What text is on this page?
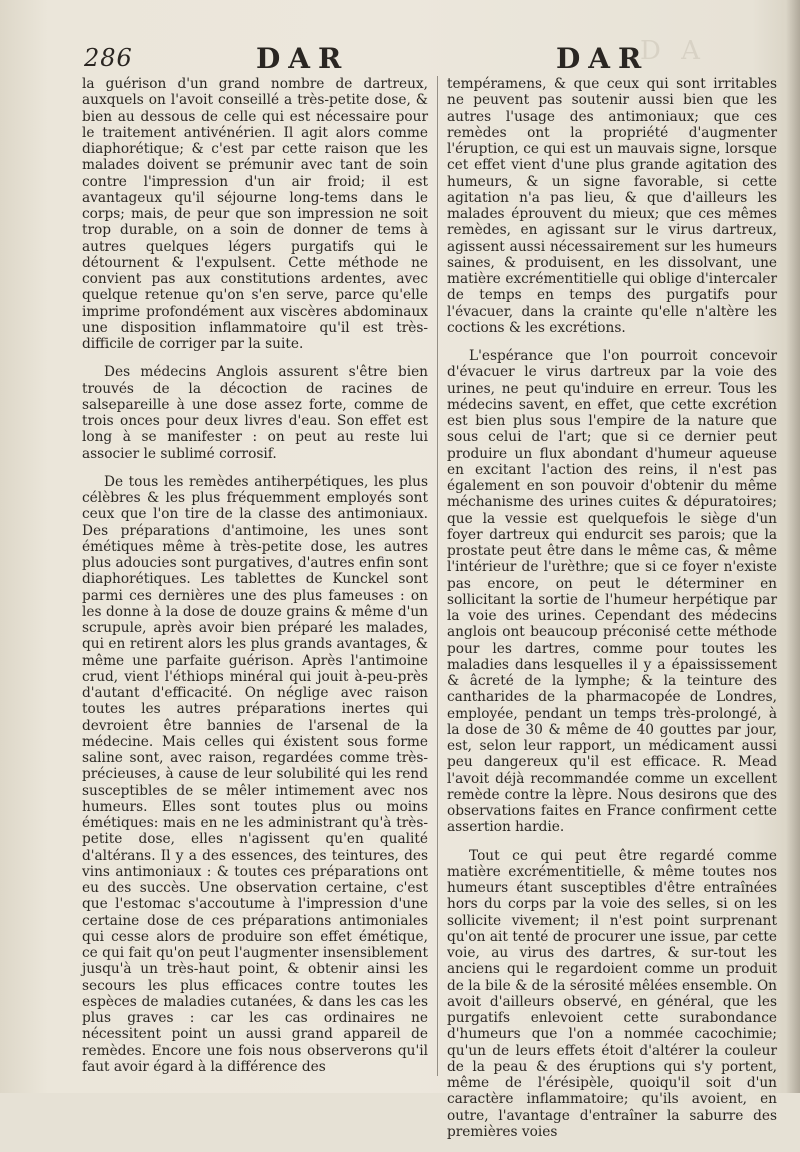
D A
286	DAR	DAR

la guérison d'un grand nombre de dartreux, auxquels on l'avoit conseillé a très-petite dose, & bien au dessous de celle qui est nécessaire pour le traitement antivénérien. Il agit alors comme diaphorétique; & c'est par cette raison que les malades doivent se prémunir avec tant de soin contre l'impression d'un air froid; il est avantageux qu'il séjourne long-tems dans le corps; mais, de peur que son impression ne soit trop durable, on a soin de donner de tems à autres quelques légers purgatifs qui le détournent & l'expulsent. Cette méthode ne convient pas aux constitutions ardentes, avec quelque retenue qu'on s'en serve, parce qu'elle imprime profondément aux viscères abdominaux une disposition inflammatoire qu'il est très-difficile de corriger par la suite.

Des médecins Anglois assurent s'être bien trouvés de la décoction de racines de salsepareille à une dose assez forte, comme de trois onces pour deux livres d'eau. Son effet est long à se manifester : on peut au reste lui associer le sublimé corrosif.

De tous les remèdes antiherpétiques, les plus célèbres & les plus fréquemment employés sont ceux que l'on tire de la classe des antimoniaux. Des préparations d'antimoine, les unes sont émétiques même à très-petite dose, les autres plus adoucies sont purgatives, d'autres enfin sont diaphorétiques. Les tablettes de Kunckel sont parmi ces dernières une des plus fameuses : on les donne à la dose de douze grains & même d'un scrupule, après avoir bien préparé les malades, qui en retirent alors les plus grands avantages, & même une parfaite guérison. Après l'antimoine crud, vient l'éthiops minéral qui jouit à-peu-près d'autant d'efficacité. On néglige avec raison toutes les autres préparations inertes qui devroient être bannies de l'arsenal de la médecine. Mais celles qui éxistent sous forme saline sont, avec raison, regardées comme très-précieuses, à cause de leur solubilité qui les rend susceptibles de se mêler intimement avec nos humeurs. Elles sont toutes plus ou moins émétiques: mais en ne les administrant qu'à très-petite dose, elles n'agissent qu'en qualité d'altérans. Il y a des essences, des teintures, des vins antimoniaux : & toutes ces préparations ont eu des succès. Une observation certaine, c'est que l'estomac s'accoutume à l'impression d'une certaine dose de ces préparations antimoniales qui cesse alors de produire son effet émétique, ce qui fait qu'on peut l'augmenter insensiblement jusqu'à un très-haut point, & obtenir ainsi les secours les plus efficaces contre toutes les espèces de maladies cutanées, & dans les cas les plus graves : car les cas ordinaires ne nécessitent point un aussi grand appareil de remèdes. Encore une fois nous observerons qu'il faut avoir égard à la différence des

tempéramens, & que ceux qui sont irritables ne peuvent pas soutenir aussi bien que les autres l'usage des antimoniaux; que ces remèdes ont la propriété d'augmenter l'éruption, ce qui est un mauvais signe, lorsque cet effet vient d'une plus grande agitation des humeurs, & un signe favorable, si cette agitation n'a pas lieu, & que d'ailleurs les malades éprouvent du mieux; que ces mêmes remèdes, en agissant sur le virus dartreux, agissent aussi nécessairement sur les humeurs saines, & produisent, en les dissolvant, une matière excrémentitielle qui oblige d'intercaler de temps en temps des purgatifs pour l'évacuer, dans la crainte qu'elle n'altère les coctions & les excrétions.

L'espérance que l'on pourroit concevoir d'évacuer le virus dartreux par la voie des urines, ne peut qu'induire en erreur. Tous les médecins savent, en effet, que cette excrétion est bien plus sous l'empire de la nature que sous celui de l'art; que si ce dernier peut produire un flux abondant d'humeur aqueuse en excitant l'action des reins, il n'est pas également en son pouvoir d'obtenir du même méchanisme des urines cuites & dépuratoires; que la vessie est quelquefois le siège d'un foyer dartreux qui endurcit ses parois; que la prostate peut être dans le même cas, & même l'intérieur de l'urèthre; que si ce foyer n'existe pas encore, on peut le déterminer en sollicitant la sortie de l'humeur herpétique par la voie des urines. Cependant des médecins anglois ont beaucoup préconisé cette méthode pour les dartres, comme pour toutes les maladies dans lesquelles il y a épaississement & âcreté de la lymphe; & la teinture des cantharides de la pharmacopée de Londres, employée, pendant un temps très-prolongé, à la dose de 30 & même de 40 gouttes par jour, est, selon leur rapport, un médicament aussi peu dangereux qu'il est efficace. R. Mead l'avoit déjà recommandée comme un excellent remède contre la lèpre. Nous desirons que des observations faites en France confirment cette assertion hardie.

Tout ce qui peut être regardé comme matière excrémentitielle, & même toutes nos humeurs étant susceptibles d'être entraînées hors du corps par la voie des selles, si on les sollicite vivement; il n'est point surprenant qu'on ait tenté de procurer une issue, par cette voie, au virus des dartres, & sur-tout les anciens qui le regardoient comme un produit de la bile & de la sérosité mêlées ensemble. On avoit d'ailleurs observé, en général, que les purgatifs enlevoient cette surabondance d'humeurs que l'on a nommée cacochimie; qu'un de leurs effets étoit d'altérer la couleur de la peau & des éruptions qui s'y portent, même de l'érésipèle, quoiqu'il soit d'un caractère inflammatoire; qu'ils avoient, en outre, l'avantage d'entraîner la saburre des premières voies
